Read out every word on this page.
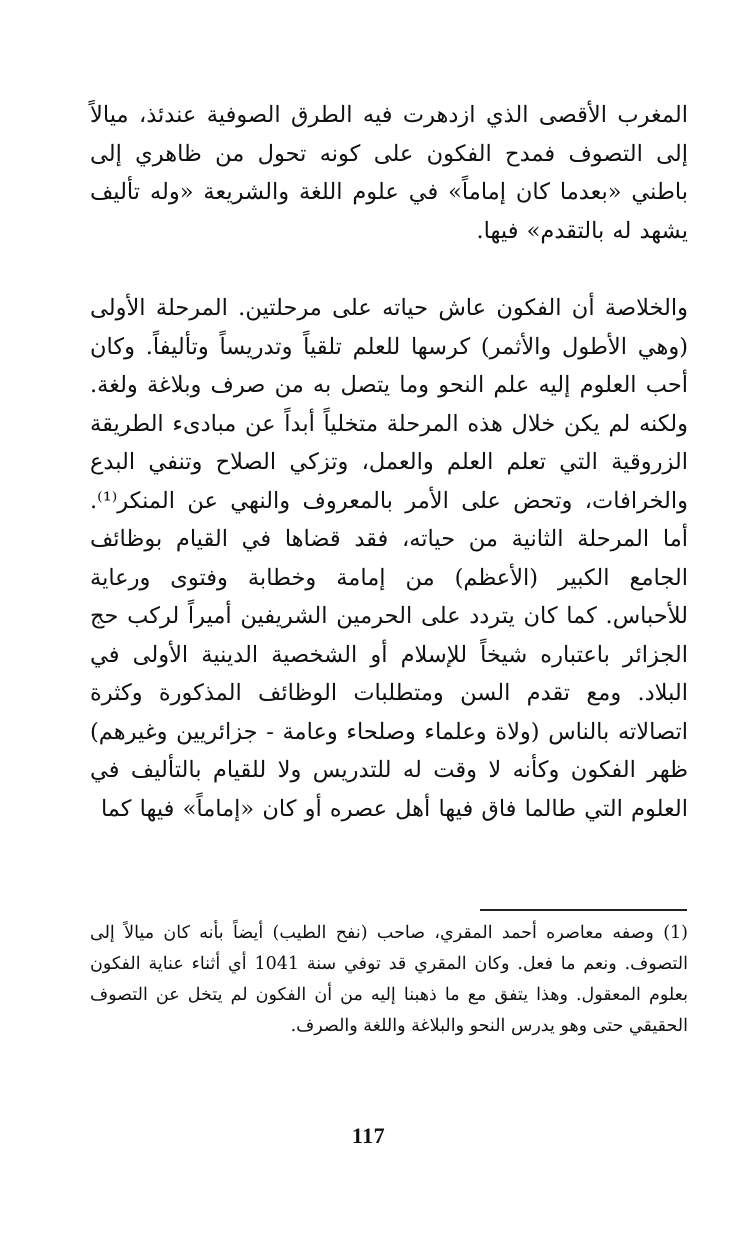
المغرب الأقصى الذي ازدهرت فيه الطرق الصوفية عندئذ، ميالاً إلى التصوف فمدح الفكون على كونه تحول من ظاهري إلى باطني «بعدما كان إماماً» في علوم اللغة والشريعة «وله تأليف يشهد له بالتقدم» فيها.

والخلاصة أن الفكون عاش حياته على مرحلتين. المرحلة الأولى (وهي الأطول والأثمر) كرسها للعلم تلقياً وتدريساً وتأليفاً. وكان أحب العلوم إليه علم النحو وما يتصل به من صرف وبلاغة ولغة. ولكنه لم يكن خلال هذه المرحلة متخلياً أبداً عن مبادىء الطريقة الزروقية التي تعلم العلم والعمل، وتزكي الصلاح وتنفي البدع والخرافات، وتحض على الأمر بالمعروف والنهي عن المنكر⁽¹⁾. أما المرحلة الثانية من حياته، فقد قضاها في القيام بوظائف الجامع الكبير (الأعظم) من إمامة وخطابة وفتوى ورعاية للأحباس. كما كان يتردد على الحرمين الشريفين أميراً لركب حج الجزائر باعتباره شيخاً للإسلام أو الشخصية الدينية الأولى في البلاد. ومع تقدم السن ومتطلبات الوظائف المذكورة وكثرة اتصالاته بالناس (ولاة وعلماء وصلحاء وعامة - جزائريين وغيرهم) ظهر الفكون وكأنه لا وقت له للتدريس ولا للقيام بالتأليف في العلوم التي طالما فاق فيها أهل عصره أو كان «إماماً» فيها كما

(1) وصفه معاصره أحمد المقري، صاحب (نفح الطيب) أيضاً بأنه كان ميالاً إلى التصوف. ونعم ما فعل. وكان المقري قد توفي سنة 1041 أي أثناء عناية الفكون بعلوم المعقول. وهذا يتفق مع ما ذهبنا إليه من أن الفكون لم يتخل عن التصوف الحقيقي حتى وهو يدرس النحو والبلاغة واللغة والصرف.

117
